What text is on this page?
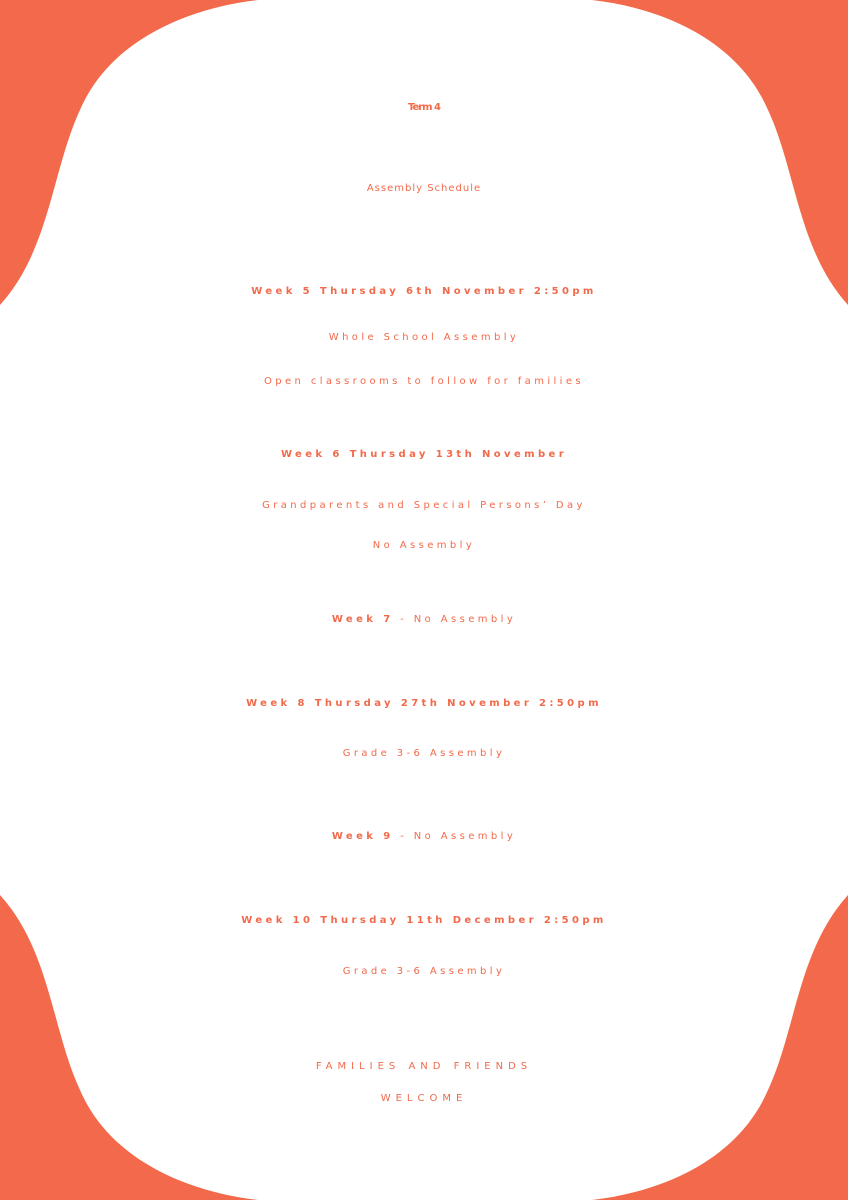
Term 4
Assembly Schedule
Week 5 Thursday 6th November 2:50pm
Whole School Assembly
Open classrooms to follow for families
Week 6 Thursday 13th November
Grandparents and Special Persons’ Day
No Assembly
Week 7 - No Assembly
Week 8 Thursday 27th November 2:50pm
Grade 3-6 Assembly
Week 9 - No Assembly
Week 10 Thursday 11th December 2:50pm
Grade 3-6 Assembly
FAMILIES AND FRIENDS
WELCOME
